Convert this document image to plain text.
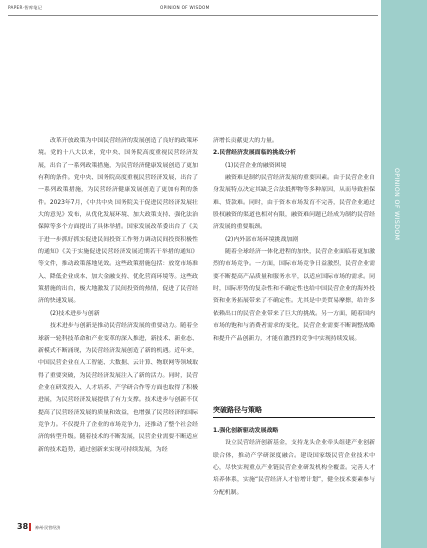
PAPER·智库笔记	OPINION OF WISDOM
OPINION OF WISDOM

改革开放政策为中国民营经济的发展创造了良好的政策环境。党的十八大以来，党中央、国务院高度重视民营经济发展，出台了一系列政策措施，为民营经济健康发展创造了更加有利的条件。党中央、国务院高度重视民营经济发展，出台了一系列政策措施，为民营经济健康发展创造了更加有利的条件。2023年7月，《中共中央 国务院关于促进民营经济发展壮大的意见》发布，从优化发展环境、加大政策支持、强化法治保障等多个方面提出了具体举措。国家发展改革委出台了《关于进一步抓好抓实促进民间投资工作努力调动民间投资积极性的通知》《关于实施促进民营经济发展近期若干举措的通知》等文件，推动政策落地见效。这些政策措施包括：放宽市场准入、降低企业成本、加大金融支持、优化营商环境等。这些政策措施的出台，极大地激发了民间投资的热情，促进了民营经济的快速发展。

(2)技术进步与创新

技术进步与创新是推动民营经济发展的重要动力。随着全球新一轮科技革命和产业变革的深入推进，新技术、新业态、新模式不断涌现，为民营经济发展创造了新的机遇。近年来，中国民营企业在人工智能、大数据、云计算、物联网等领域取得了重要突破，为民营经济发展注入了新的活力。同时，民营企业在研发投入、人才培养、产学研合作等方面也取得了积极进展，为民营经济发展提供了有力支撑。技术进步与创新不仅提高了民营经济发展的质量和效益，也增强了民营经济的国际竞争力。不仅提升了企业的市场竞争力，还推动了整个社会经济的转型升级。随着技术的不断发展，民营企业需要不断适应新的技术趋势，通过创新来实现可持续发展，为经

济增长贡献更大的力量。

2.民营经济发展面临的挑战分析

(1)民营企业的融资困境

融资难是制约民营经济发展的重要因素。由于民营企业自身发展特点决定其缺乏合法抵押物等多种原因，从而导致担保难、贷款难。同时，由于资本市场发育不完善，民营企业通过股权融资的渠道也相对有限，融资难问题已经成为制约民营经济发展的重要瓶颈。

(2)内外部市场环境挑战加剧

随着全球经济一体化进程的加快，民营企业面临着更加激烈的市场竞争。一方面，国际市场竞争日益激烈，民营企业需要不断提高产品质量和服务水平，以适应国际市场的需求。同时，国际形势的复杂性和不确定性也给中国民营企业的海外投资和业务拓展带来了不确定性。尤其是中美贸易摩擦，给许多依赖出口的民营企业带来了巨大的挑战。另一方面，随着国内市场的饱和与消费者需求的变化，民营企业需要不断调整战略和提升产品创新力，才能在激烈的竞争中实现持续发展。

突破路径与策略

1.强化创新驱动发展战略

设立民营经济创新基金，支持龙头企业牵头组建产业创新联合体，推动产学研深度融合。建设国家级民营企业技术中心，尽快实现重点产业链民营企业研发机构全覆盖。完善人才培养体系，实施“民营经济人才倍增计划”，健全技术要素参与分配机制。

38 神州·民营经济
